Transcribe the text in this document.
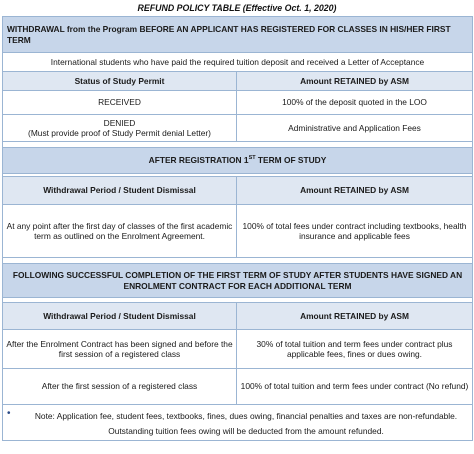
REFUND POLICY TABLE (Effective Oct. 1, 2020)
WITHDRAWAL from the Program BEFORE AN APPLICANT HAS REGISTERED FOR CLASSES IN HIS/HER FIRST TERM	
International students who have paid the required tuition deposit and received a Letter of Acceptance	
Status of Study Permit	Amount RETAINED by ASM
RECEIVED	100% of the deposit quoted in the LOO
DENIED
(Must provide proof of Study Permit denial Letter)	Administrative and Application Fees

AFTER REGISTRATION 1ST TERM OF STUDY	

Withdrawal Period / Student Dismissal	Amount RETAINED by ASM
At any point after the first day of classes of the first academic term as outlined on the Enrolment Agreement.	100% of total fees under contract including textbooks, health insurance and applicable fees

FOLLOWING SUCCESSFUL COMPLETION OF THE FIRST TERM OF STUDY AFTER STUDENTS HAVE SIGNED AN ENROLMENT CONTRACT FOR EACH ADDITIONAL TERM	

Withdrawal Period / Student Dismissal	Amount RETAINED by ASM
After the Enrolment Contract has been signed and before the first session of a registered class	30% of total tuition and term fees under contract plus applicable fees, fines or dues owing.
After the first session of a registered class	100% of total tuition and term fees under contract (No refund)

• Note: Application fee, student fees, textbooks, fines, dues owing, financial penalties and taxes are non-refundable. Outstanding tuition fees owing will be deducted from the amount refunded.	
